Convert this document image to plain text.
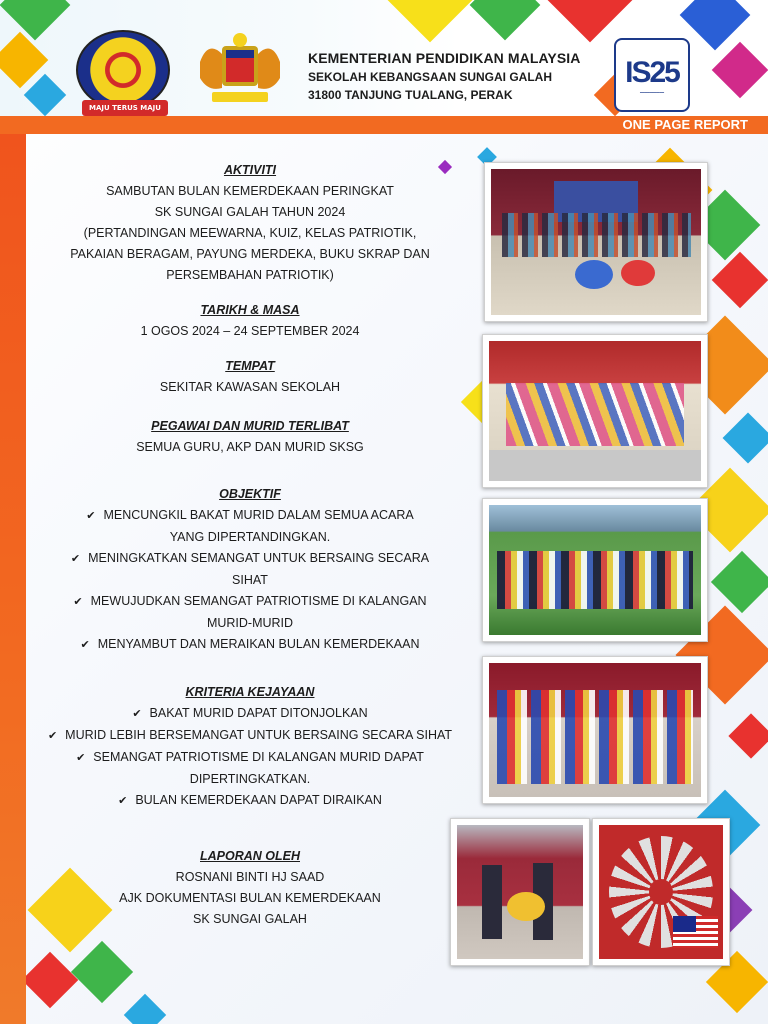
MAJU TERUS MAJU
KEMENTERIAN PENDIDIKAN MALAYSIA
SEKOLAH KEBANGSAAN SUNGAI GALAH
31800 TANJUNG TUALANG, PERAK
IS25
━━━━━━━━━━
ONE PAGE REPORT
AKTIVITI
SAMBUTAN BULAN KEMERDEKAAN PERINGKAT
SK SUNGAI GALAH TAHUN 2024
(PERTANDINGAN MEEWARNA, KUIZ, KELAS PATRIOTIK,
PAKAIAN BERAGAM, PAYUNG MERDEKA, BUKU SKRAP DAN
PERSEMBAHAN PATRIOTIK)
TARIKH & MASA
1 OGOS 2024 – 24 SEPTEMBER 2024
TEMPAT
SEKITAR KAWASAN SEKOLAH
PEGAWAI DAN MURID TERLIBAT
SEMUA GURU, AKP DAN MURID SKSG
OBJEKTIF
✔ MENCUNGKIL BAKAT MURID DALAM SEMUA ACARA
YANG DIPERTANDINGKAN.
✔ MENINGKATKAN SEMANGAT UNTUK BERSAING SECARA
SIHAT
✔ MEWUJUDKAN SEMANGAT PATRIOTISME DI KALANGAN
MURID-MURID
✔ MENYAMBUT DAN MERAIKAN BULAN KEMERDEKAAN
KRITERIA KEJAYAAN
✔ BAKAT MURID DAPAT DITONJOLKAN
✔ MURID LEBIH BERSEMANGAT UNTUK BERSAING SECARA SIHAT
✔ SEMANGAT PATRIOTISME DI KALANGAN MURID DAPAT
DIPERTINGKATKAN.
✔ BULAN KEMERDEKAAN DAPAT DIRAIKAN
LAPORAN OLEH
ROSNANI BINTI HJ SAAD
AJK DOKUMENTASI BULAN KEMERDEKAAN
SK SUNGAI GALAH
